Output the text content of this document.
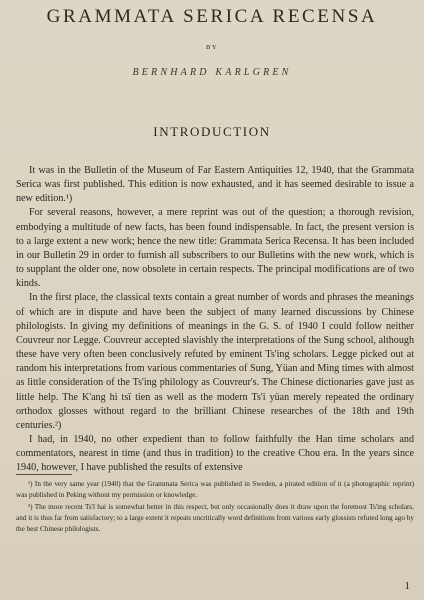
GRAMMATA SERICA RECENSA
BY
BERNHARD KARLGREN
INTRODUCTION

It was in the Bulletin of the Museum of Far Eastern Antiquities 12, 1940, that the Grammata Serica was first published. This edition is now exhausted, and it has seemed desirable to issue a new edition.¹)

For several reasons, however, a mere reprint was out of the question; a thorough revision, embodying a multitude of new facts, has been found indispensable. In fact, the present version is to a large extent a new work; hence the new title: Grammata Serica Recensa. It has been included in our Bulletin 29 in order to furnish all subscribers to our Bulletins with the new work, which is to supplant the older one, now obsolete in certain respects. The principal modifications are of two kinds.

In the first place, the classical texts contain a great number of words and phrases the meanings of which are in dispute and have been the subject of many learned discussions by Chinese philologists. In giving my definitions of meanings in the G. S. of 1940 I could follow neither Couvreur nor Legge. Couvreur accepted slavishly the interpretations of the Sung school, although these have very often been conclusively refuted by eminent Ts'ing scholars. Legge picked out at random his interpretations from various commentaries of Sung, Yüan and Ming times with almost as little consideration of the Ts'ing philology as Couvreur's. The Chinese dictionaries gave just as little help. The K'ang hi tsï tien as well as the modern Ts'i yüan merely repeated the ordinary orthodox glosses without regard to the brilliant Chinese researches of the 18th and 19th centuries.²)

I had, in 1940, no other expedient than to follow faithfully the Han time scholars and commentators, nearest in time (and thus in tradition) to the creative Chou era. In the years since 1940, however, I have published the results of extensive

¹) In the very same year (1940) that the Grammata Serica was published in Sweden, a pirated edition of it (a photographic reprint) was published in Peking without my permission or knowledge.

²) The more recent Ts'ï hai is somewhat better in this respect, but only occasionally does it draw upon the foremost Ts'ing scholars, and it is thus far from satisfactory; to a large extent it repeats uncritically word definitions from various early glossists refuted long ago by the best Chinese philologists.

1
